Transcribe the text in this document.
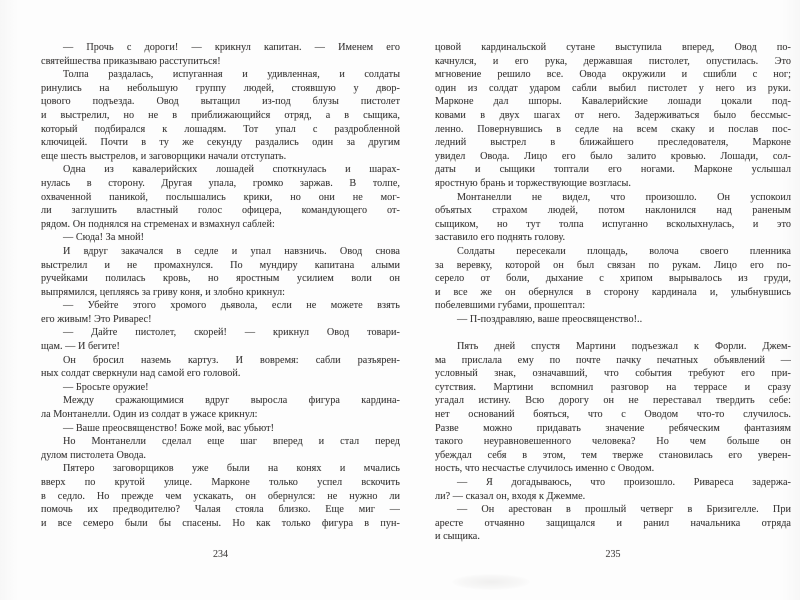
— Прочь с дороги! — крикнул капитан. — Именем его
святейшества приказываю расступиться!
Толпа раздалась, испуганная и удивленная, и солдаты
ринулись на небольшую группу людей, стоявшую у двор-
цового подъезда. Овод вытащил из-под блузы пистолет
и выстрелил, но не в приближающийся отряд, а в сыщика,
который подбирался к лошадям. Тот упал с раздробленной
ключицей. Почти в ту же секунду раздались один за другим
еще шесть выстрелов, и заговорщики начали отступать.
Одна из кавалерийских лошадей споткнулась и шарах-
нулась в сторону. Другая упала, громко заржав. В толпе,
охваченной паникой, послышались крики, но они не мог-
ли заглушить властный голос офицера, командующего от-
рядом. Он поднялся на стременах и взмахнул саблей:
— Сюда! За мной!
И вдруг закачался в седле и упал навзничь. Овод снова
выстрелил и не промахнулся. По мундиру капитана алыми
ручейками полилась кровь, но яростным усилием воли он
выпрямился, цепляясь за гриву коня, и злобно крикнул:
— Убейте этого хромого дьявола, если не можете взять
его живым! Это Риварес!
— Дайте пистолет, скорей! — крикнул Овод товари-
щам. — И бегите!
Он бросил наземь картуз. И вовремя: сабли разъярен-
ных солдат сверкнули над самой его головой.
— Бросьте оружие!
Между сражающимися вдруг выросла фигура кардина-
ла Монтанелли. Один из солдат в ужасе крикнул:
— Ваше преосвященство! Боже мой, вас убьют!
Но Монтанелли сделал еще шаг вперед и стал перед
дулом пистолета Овода.
Пятеро заговорщиков уже были на конях и мчались
вверх по крутой улице. Марконе только успел вскочить
в седло. Но прежде чем ускакать, он обернулся: не нужно ли
помочь их предводителю? Чалая стояла близко. Еще миг —
и все семеро были бы спасены. Но как только фигура в пун-
234
цовой кардинальской сутане выступила вперед, Овод по-
качнулся, и его рука, державшая пистолет, опустилась. Это
мгновение решило все. Овода окружили и сшибли с ног;
один из солдат ударом сабли выбил пистолет у него из руки.
Марконе дал шпоры. Кавалерийские лошади цокали под-
ковами в двух шагах от него. Задерживаться было бессмыс-
ленно. Повернувшись в седле на всем скаку и послав пос-
ледний выстрел в ближайшего преследователя, Марконе
увидел Овода. Лицо его было залито кровью. Лошади, сол-
даты и сыщики топтали его ногами. Марконе услышал
яростную брань и торжествующие возгласы.
Монтанелли не видел, что произошло. Он успокоил
объятых страхом людей, потом наклонился над раненым
сыщиком, но тут толпа испуганно всколыхнулась, и это
заставило его поднять голову.
Солдаты пересекали площадь, волоча своего пленника
за веревку, которой он был связан по рукам. Лицо его по-
серело от боли, дыхание с хрипом вырывалось из груди,
и все же он обернулся в сторону кардинала и, улыбнувшись
побелевшими губами, прошептал:
— П-поздравляю, ваше преосвященство!..
Пять дней спустя Мартини подъезжал к Форли. Джем-
ма прислала ему по почте пачку печатных объявлений —
условный знак, означавший, что события требуют его при-
сутствия. Мартини вспомнил разговор на террасе и сразу
угадал истину. Всю дорогу он не переставал твердить себе:
нет оснований бояться, что с Оводом что-то случилось.
Разве можно придавать значение ребяческим фантазиям
такого неуравновешенного человека? Но чем больше он
убеждал себя в этом, тем тверже становилась его уверен-
ность, что несчастье случилось именно с Оводом.
— Я догадываюсь, что произошло. Ривареса задержа-
ли? — сказал он, входя к Джемме.
— Он арестован в прошлый четверг в Бризигелле. При
аресте отчаянно защищался и ранил начальника отряда
и сыщика.
235
